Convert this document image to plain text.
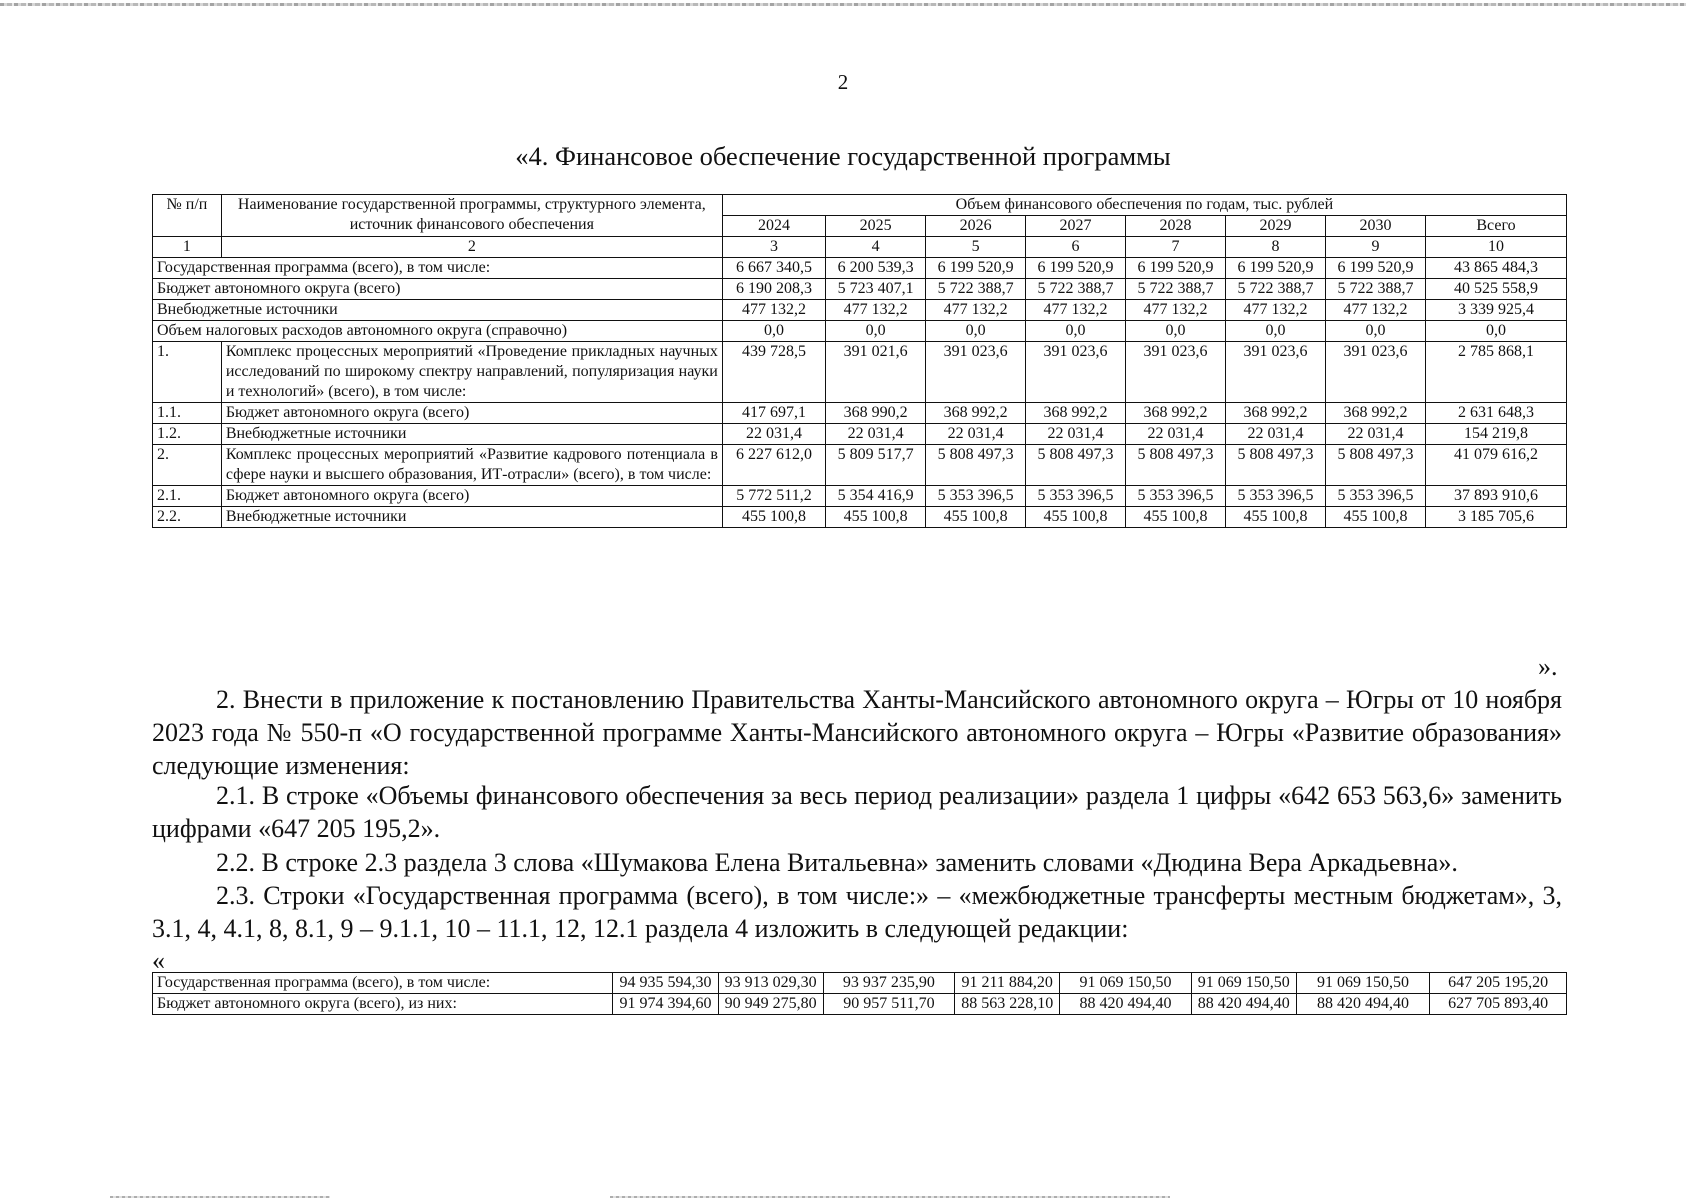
2
«4. Финансовое обеспечение государственной программы
№ п/п	Наименование государственной программы, структурного элемента, источник финансового обеспечения	Объем финансового обеспечения по годам, тыс. рублей							
		2024	2025	2026	2027	2028	2029	2030	Всего
1	2	3	4	5	6	7	8	9	10
Государственная программа (всего), в том числе:		6 667 340,5	6 200 539,3	6 199 520,9	6 199 520,9	6 199 520,9	6 199 520,9	6 199 520,9	43 865 484,3
Бюджет автономного округа (всего)		6 190 208,3	5 723 407,1	5 722 388,7	5 722 388,7	5 722 388,7	5 722 388,7	5 722 388,7	40 525 558,9
Внебюджетные источники		477 132,2	477 132,2	477 132,2	477 132,2	477 132,2	477 132,2	477 132,2	3 339 925,4
Объем налоговых расходов автономного округа (справочно)		0,0	0,0	0,0	0,0	0,0	0,0	0,0	0,0
1.	Комплекс процессных мероприятий «Проведение прикладных научных исследований по широкому спектру направлений, популяризация науки и технологий» (всего), в том числе:	439 728,5	391 021,6	391 023,6	391 023,6	391 023,6	391 023,6	391 023,6	2 785 868,1
1.1.	Бюджет автономного округа (всего)	417 697,1	368 990,2	368 992,2	368 992,2	368 992,2	368 992,2	368 992,2	2 631 648,3
1.2.	Внебюджетные источники	22 031,4	22 031,4	22 031,4	22 031,4	22 031,4	22 031,4	22 031,4	154 219,8
2.	Комплекс процессных мероприятий «Развитие кадрового потенциала в сфере науки и высшего образования, ИТ-отрасли» (всего), в том числе:	6 227 612,0	5 809 517,7	5 808 497,3	5 808 497,3	5 808 497,3	5 808 497,3	5 808 497,3	41 079 616,2
2.1.	Бюджет автономного округа (всего)	5 772 511,2	5 354 416,9	5 353 396,5	5 353 396,5	5 353 396,5	5 353 396,5	5 353 396,5	37 893 910,6
2.2.	Внебюджетные источники	455 100,8	455 100,8	455 100,8	455 100,8	455 100,8	455 100,8	455 100,8	3 185 705,6
».
2. Внести в приложение к постановлению Правительства Ханты-Мансийского автономного округа – Югры от 10 ноября 2023 года № 550-п «О государственной программе Ханты-Мансийского автономного округа – Югры «Развитие образования» следующие изменения:
2.1. В строке «Объемы финансового обеспечения за весь период реализации» раздела 1 цифры «642 653 563,6» заменить цифрами «647 205 195,2».
2.2. В строке 2.3 раздела 3 слова «Шумакова Елена Витальевна» заменить словами «Дюдина Вера Аркадьевна».
2.3. Строки «Государственная программа (всего), в том числе:» – «межбюджетные трансферты местным бюджетам», 3, 3.1, 4, 4.1, 8, 8.1, 9 – 9.1.1, 10 – 11.1, 12, 12.1 раздела 4 изложить в следующей редакции:
«
Государственная программа (всего), в том числе:	94 935 594,30	93 913 029,30	93 937 235,90	91 211 884,20	91 069 150,50	91 069 150,50	91 069 150,50	647 205 195,20
Бюджет автономного округа (всего), из них:	91 974 394,60	90 949 275,80	90 957 511,70	88 563 228,10	88 420 494,40	88 420 494,40	88 420 494,40	627 705 893,40
